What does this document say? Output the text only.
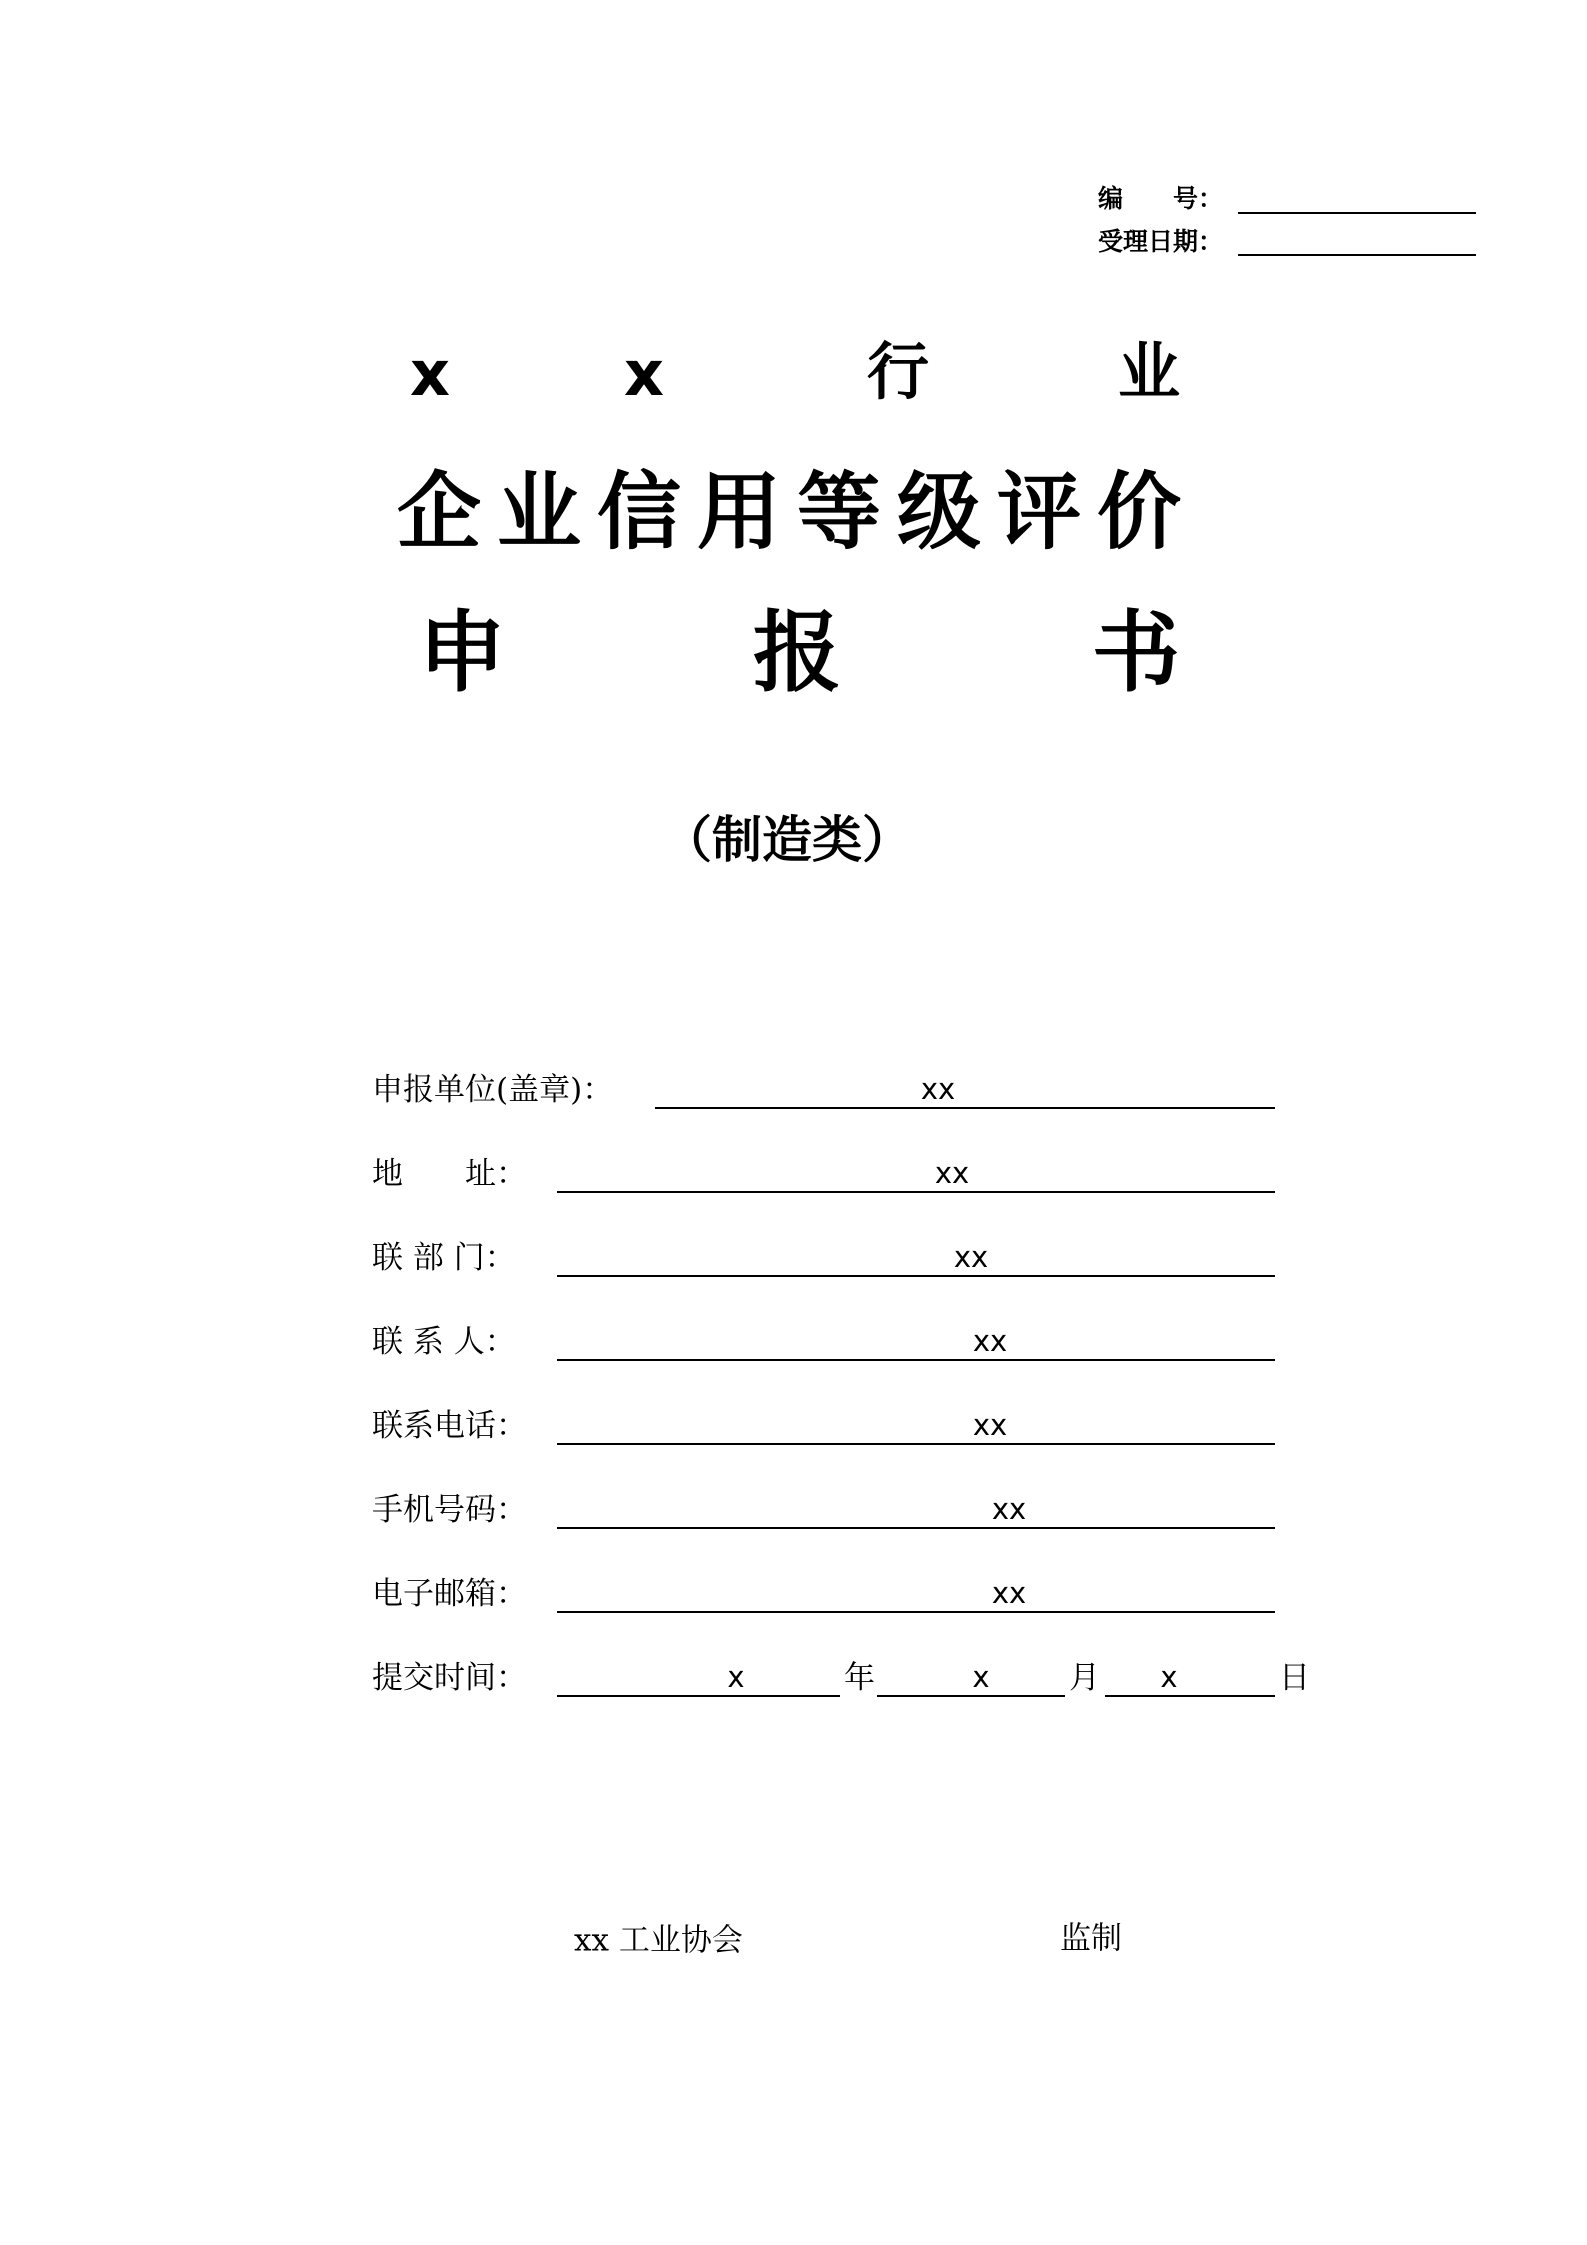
编　　号：
受理日期：
x	x	行	业
企业信用等级评价
申	报	书
（制造类）
申报单位(盖章)：	xx
地　　址：	xx
联 部 门：	xx
联 系 人：	xx
联系电话：	xx
手机号码：	xx
电子邮箱：	xx
提交时间：	x	年	x	月 x	日
xx 工业协会	监制
